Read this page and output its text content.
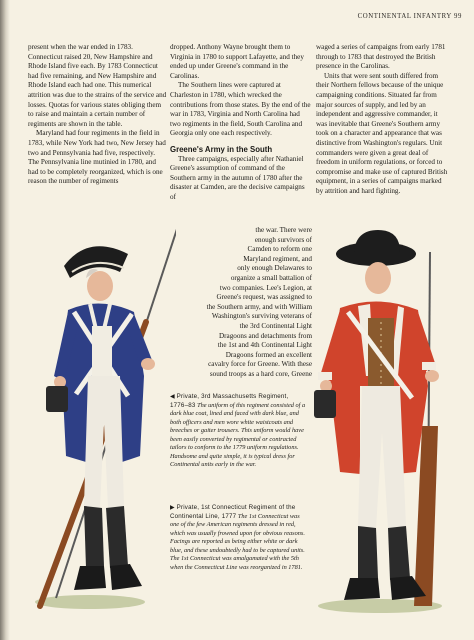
CONTINENTAL INFANTRY 99

present when the war ended in 1783. Connecticut raised 20, New Hampshire and Rhode Island five each. By 1783 Connecticut had five remaining, and New Hampshire and Rhode Island each had one. This numerical attrition was due to the strains of the service and losses. Quotas for various states obliging them to raise and maintain a certain number of regiments are shown in the table.

Maryland had four regiments in the field in 1783, while New York had two, New Jersey had two and Pennsylvania had five, respectively. The Pennsylvania line mutinied in 1780, and had to be completely reorganized, which is one reason the number of regiments

dropped. Anthony Wayne brought them to Virginia in 1780 to support Lafayette, and they ended up under Greene's command in the Carolinas.

The Southern lines were captured at Charleston in 1780, which wrecked the contributions from those states. By the end of the war in 1783, Virginia and North Carolina had two regiments in the field, South Carolina and Georgia only one each respectively.

Greene's Army in the South

Three campaigns, especially after Nathaniel Greene's assumption of command of the Southern army in the autumn of 1780 after the disaster at Camden, are the decisive campaigns of

waged a series of campaigns from early 1781 through to 1783 that destroyed the British presence in the Carolinas.

Units that were sent south differed from their Northern fellows because of the unique campaigning conditions. Situated far from major sources of supply, and led by an independent and aggressive commander, it was inevitable that Greene's Southern army took on a character and appearance that was distinctive from Washington's regulars. Unit commanders were given a great deal of freedom in uniform regulations, or forced to compromise and make use of captured British equipment, in a series of campaigns marked by attrition and hard fighting.

the war. There were
enough survivors of
Camden to reform one
Maryland regiment, and
only enough Delawares to
organize a small battalion of
two companies. Lee's Legion, at
Greene's request, was assigned to
the Southern army, and with William
Washington's surviving veterans of
the 3rd Continental Light
Dragoons and detachments from
the 1st and 4th Continental Light
Dragoons formed an excellent
cavalry force for Greene. With these
sound troops as a hard core, Greene
◀ Private, 3rd Massachusetts Regiment, 1776–83 The uniform of this regiment consisted of a dark blue coat, lined and faced with dark blue, and both officers and men wore white waistcoats and breeches or gaiter trousers. This uniform would have been easily converted by regimental or contracted tailors to conform to the 1779 uniform regulations. Handsome and quite simple, it is typical dress for Continental units early in the war.
▶ Private, 1st Connecticut Regiment of the Continental Line, 1777 The 1st Connecticut was one of the few American regiments dressed in red, which was usually frowned upon for obvious reasons. Facings are reported as being either white or dark blue, and these undoubtedly had to be captured units. The 1st Connecticut was amalgamated with the 5th when the Connecticut Line was reorganized in 1781.
